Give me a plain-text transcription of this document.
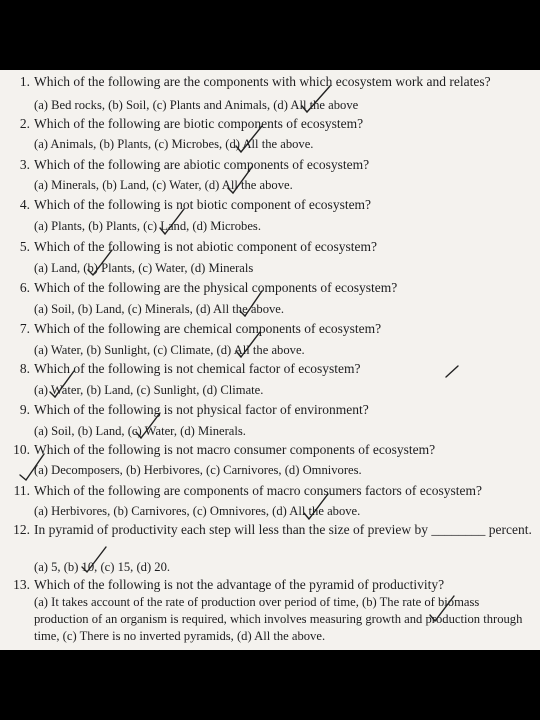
1. Which of the following are the components with which ecosystem work and relates?
(a) Bed rocks, (b) Soil, (c) Plants and Animals, (d) All the above
2. Which of the following are biotic components of ecosystem?
(a) Animals, (b) Plants, (c) Microbes, (d) All the above.
3. Which of the following are abiotic components of ecosystem?
(a) Minerals, (b) Land, (c) Water, (d) All the above.
4. Which of the following is not biotic component of ecosystem?
(a) Plants, (b) Plants, (c) Land, (d) Microbes.
5. Which of the following is not abiotic component of ecosystem?
(a) Land, (b) Plants, (c) Water, (d) Minerals
6. Which of the following are the physical components of ecosystem?
(a) Soil, (b) Land, (c) Minerals, (d) All the above.
7. Which of the following are chemical components of ecosystem?
(a) Water, (b) Sunlight, (c) Climate, (d) All the above.
8. Which of the following is not chemical factor of ecosystem?
(a) Water, (b) Land, (c) Sunlight, (d) Climate.
9. Which of the following is not physical factor of environment?
(a) Soil, (b) Land, (c) Water, (d) Minerals.
10. Which of the following is not macro consumer components of ecosystem?
(a) Decomposers, (b) Herbivores, (c) Carnivores, (d) Omnivores.
11. Which of the following are components of macro consumers factors of ecosystem?
(a) Herbivores, (b) Carnivores, (c) Omnivores, (d) All the above.
12. In pyramid of productivity each step will less than the size of preview by ________ percent.
(a) 5, (b) 10, (c) 15, (d) 20.
13. Which of the following is not the advantage of the pyramid of productivity?
(a) It takes account of the rate of production over period of time, (b) The rate of biomass production of an organism is required, which involves measuring growth and production through time, (c) There is no inverted pyramids, (d) All the above.
